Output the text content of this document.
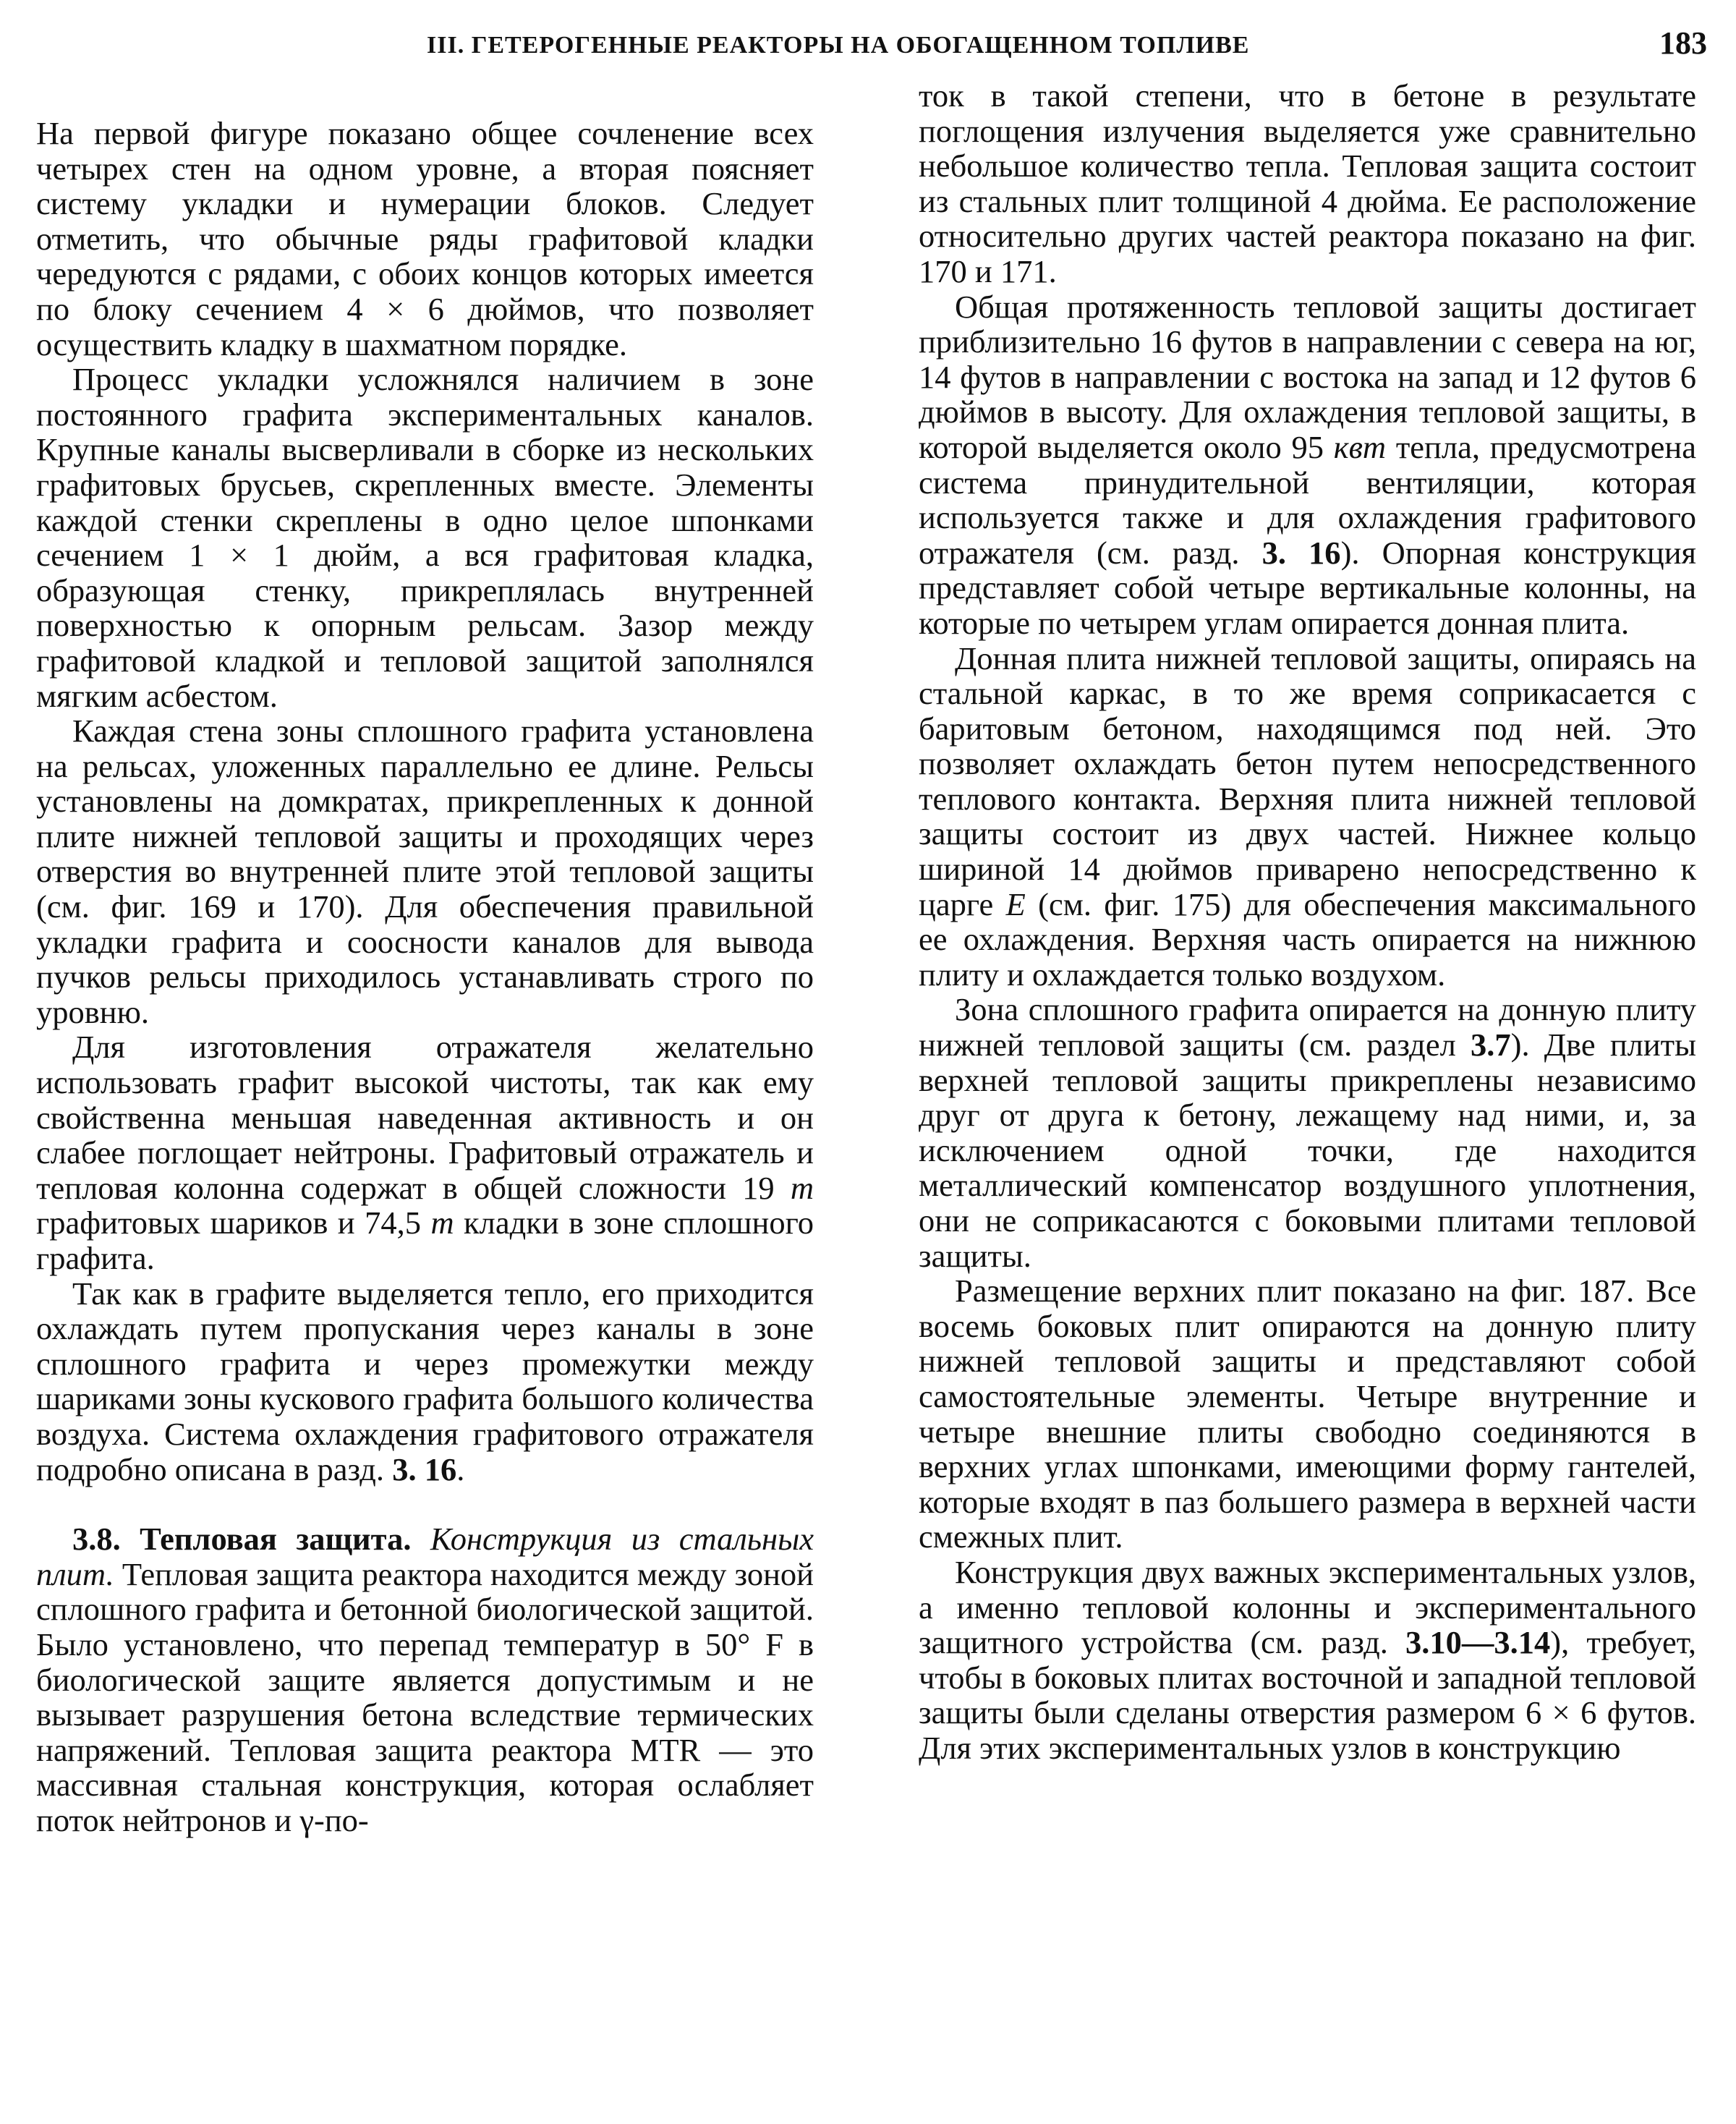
III. ГЕТЕРОГЕННЫЕ РЕАКТОРЫ НА ОБОГАЩЕННОМ ТОПЛИВЕ	183

На первой фигуре показано общее сочленение всех четырех стен на одном уровне, а вторая поясняет систему укладки и нумерации блоков. Следует отметить, что обычные ряды графитовой кладки чередуются с рядами, с обоих концов которых имеется по блоку сечением 4 × 6 дюймов, что позволяет осуществить кладку в шахматном порядке.

Процесс укладки усложнялся наличием в зоне постоянного графита экспериментальных каналов. Крупные каналы высверливали в сборке из нескольких графитовых брусьев, скрепленных вместе. Элементы каждой стенки скреплены в одно целое шпонками сечением 1 × 1 дюйм, а вся графитовая кладка, образующая стенку, прикреплялась внутренней поверхностью к опорным рельсам. Зазор между графитовой кладкой и тепловой защитой заполнялся мягким асбестом.

Каждая стена зоны сплошного графита установлена на рельсах, уложенных параллельно ее длине. Рельсы установлены на домкратах, прикрепленных к донной плите нижней тепловой защиты и проходящих через отверстия во внутренней плите этой тепловой защиты (см. фиг. 169 и 170). Для обеспечения правильной укладки графита и соосности каналов для вывода пучков рельсы приходилось устанавливать строго по уровню.

Для изготовления отражателя желательно использовать графит высокой чистоты, так как ему свойственна меньшая наведенная активность и он слабее поглощает нейтроны. Графитовый отражатель и тепловая колонна содержат в общей сложности 19 т графитовых шариков и 74,5 т кладки в зоне сплошного графита.

Так как в графите выделяется тепло, его приходится охлаждать путем пропускания через каналы в зоне сплошного графита и через промежутки между шариками зоны кускового графита большого количества воздуха. Система охлаждения графитового отражателя подробно описана в разд. 3. 16.

3.8. Тепловая защита. Конструкция из стальных плит. Тепловая защита реактора находится между зоной сплошного графита и бетонной биологической защитой. Было установлено, что перепад температур в 50° F в биологической защите является допустимым и не вызывает разрушения бетона вследствие термических напряжений. Тепловая защита реактора MTR — это массивная стальная конструкция, которая ослабляет поток нейтронов и γ-по-

ток в такой степени, что в бетоне в результате поглощения излучения выделяется уже сравнительно небольшое количество тепла. Тепловая защита состоит из стальных плит толщиной 4 дюйма. Ее расположение относительно других частей реактора показано на фиг. 170 и 171.

Общая протяженность тепловой защиты достигает приблизительно 16 футов в направлении с севера на юг, 14 футов в направлении с востока на запад и 12 футов 6 дюймов в высоту. Для охлаждения тепловой защиты, в которой выделяется около 95 квт тепла, предусмотрена система принудительной вентиляции, которая используется также и для охлаждения графитового отражателя (см. разд. 3. 16). Опорная конструкция представляет собой четыре вертикальные колонны, на которые по четырем углам опирается донная плита.

Донная плита нижней тепловой защиты, опираясь на стальной каркас, в то же время соприкасается с баритовым бетоном, находящимся под ней. Это позволяет охлаждать бетон путем непосредственного теплового контакта. Верхняя плита нижней тепловой защиты состоит из двух частей. Нижнее кольцо шириной 14 дюймов приварено непосредственно к царге E (см. фиг. 175) для обеспечения максимального ее охлаждения. Верхняя часть опирается на нижнюю плиту и охлаждается только воздухом.

Зона сплошного графита опирается на донную плиту нижней тепловой защиты (см. раздел 3.7). Две плиты верхней тепловой защиты прикреплены независимо друг от друга к бетону, лежащему над ними, и, за исключением одной точки, где находится металлический компенсатор воздушного уплотнения, они не соприкасаются с боковыми плитами тепловой защиты.

Размещение верхних плит показано на фиг. 187. Все восемь боковых плит опираются на донную плиту нижней тепловой защиты и представляют собой самостоятельные элементы. Четыре внутренние и четыре внешние плиты свободно соединяются в верхних углах шпонками, имеющими форму гантелей, которые входят в паз большего размера в верхней части смежных плит.

Конструкция двух важных экспериментальных узлов, а именно тепловой колонны и экспериментального защитного устройства (см. разд. 3.10—3.14), требует, чтобы в боковых плитах восточной и западной тепловой защиты были сделаны отверстия размером 6 × 6 футов. Для этих экспериментальных узлов в конструкцию
